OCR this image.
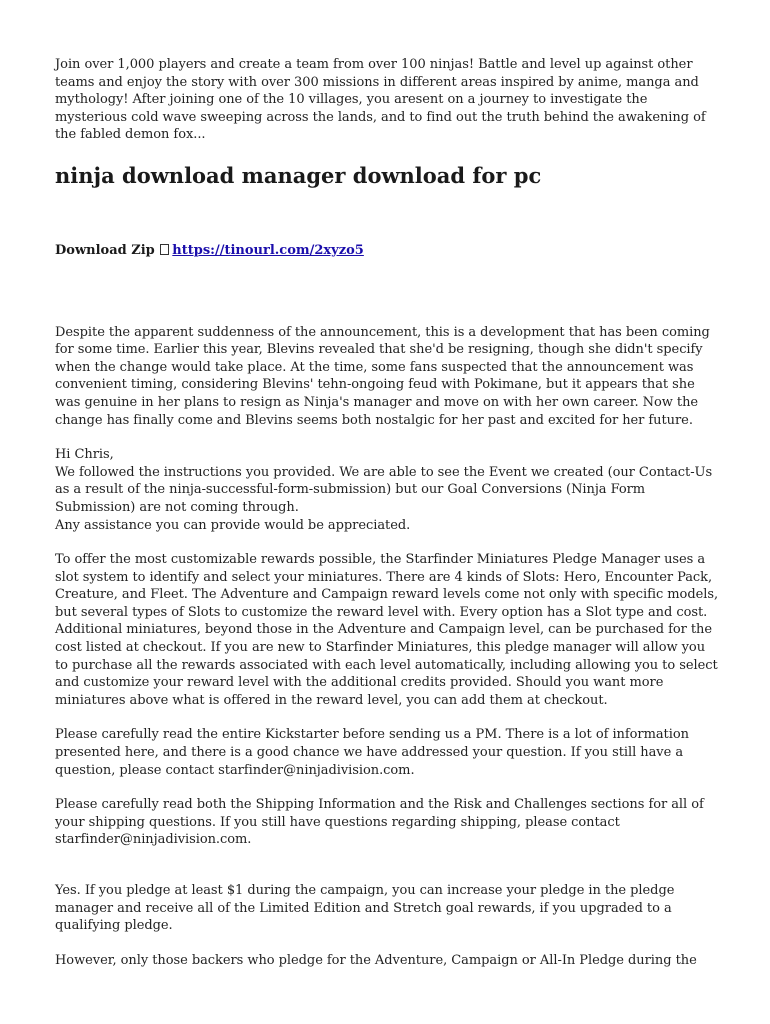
Join over 1,000 players and create a team from over 100 ninjas! Battle and level up against other teams and enjoy the story with over 300 missions in different areas inspired by anime, manga and mythology! After joining one of the 10 villages, you aresent on a journey to investigate the mysterious cold wave sweeping across the lands, and to find out the truth behind the awakening of the fabled demon fox...

ninja download manager download for pc
Download Zip https://tinourl.com/2xyzo5

Despite the apparent suddenness of the announcement, this is a development that has been coming for some time. Earlier this year, Blevins revealed that she'd be resigning, though she didn't specify when the change would take place. At the time, some fans suspected that the announcement was convenient timing, considering Blevins' tehn-ongoing feud with Pokimane, but it appears that she was genuine in her plans to resign as Ninja's manager and move on with her own career. Now the change has finally come and Blevins seems both nostalgic for her past and excited for her future.

Hi Chris,

We followed the instructions you provided. We are able to see the Event we created (our Contact-Us as a result of the ninja-successful-form-submission) but our Goal Conversions (Ninja Form Submission) are not coming through.

Any assistance you can provide would be appreciated.

To offer the most customizable rewards possible, the Starfinder Miniatures Pledge Manager uses a slot system to identify and select your miniatures. There are 4 kinds of Slots: Hero, Encounter Pack, Creature, and Fleet. The Adventure and Campaign reward levels come not only with specific models, but several types of Slots to customize the reward level with. Every option has a Slot type and cost. Additional miniatures, beyond those in the Adventure and Campaign level, can be purchased for the cost listed at checkout. If you are new to Starfinder Miniatures, this pledge manager will allow you to purchase all the rewards associated with each level automatically, including allowing you to select and customize your reward level with the additional credits provided. Should you want more miniatures above what is offered in the reward level, you can add them at checkout.

Please carefully read the entire Kickstarter before sending us a PM. There is a lot of information presented here, and there is a good chance we have addressed your question. If you still have a question, please contact starfinder@ninjadivision.com.

Please carefully read both the Shipping Information and the Risk and Challenges sections for all of your shipping questions. If you still have questions regarding shipping, please contact starfinder@ninjadivision.com.

Yes. If you pledge at least $1 during the campaign, you can increase your pledge in the pledge manager and receive all of the Limited Edition and Stretch goal rewards, if you upgraded to a qualifying pledge.

However, only those backers who pledge for the Adventure, Campaign or All-In Pledge during the
